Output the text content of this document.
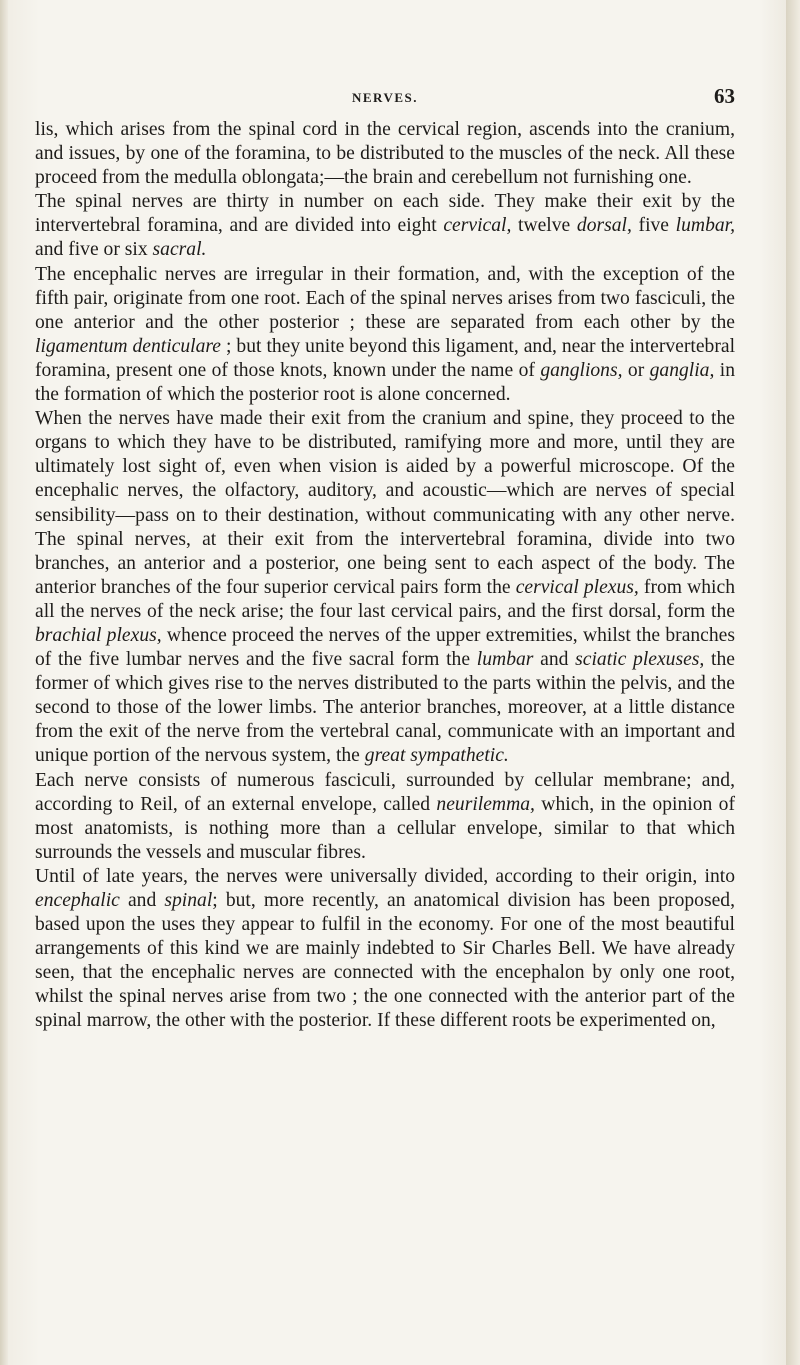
NERVES.	63

lis, which arises from the spinal cord in the cervical region, ascends into the cranium, and issues, by one of the foramina, to be distributed to the muscles of the neck. All these proceed from the medulla oblongata;—the brain and cerebellum not furnishing one.

The spinal nerves are thirty in number on each side. They make their exit by the intervertebral foramina, and are divided into eight cervical, twelve dorsal, five lumbar, and five or six sacral.

The encephalic nerves are irregular in their formation, and, with the exception of the fifth pair, originate from one root. Each of the spinal nerves arises from two fasciculi, the one anterior and the other posterior ; these are separated from each other by the ligamentum denticulare ; but they unite beyond this ligament, and, near the intervertebral foramina, present one of those knots, known under the name of ganglions, or ganglia, in the formation of which the posterior root is alone concerned.

When the nerves have made their exit from the cranium and spine, they proceed to the organs to which they have to be distributed, ramifying more and more, until they are ultimately lost sight of, even when vision is aided by a powerful microscope. Of the encephalic nerves, the olfactory, auditory, and acoustic—which are nerves of special sensibility—pass on to their destination, without communicating with any other nerve. The spinal nerves, at their exit from the intervertebral foramina, divide into two branches, an anterior and a posterior, one being sent to each aspect of the body. The anterior branches of the four superior cervical pairs form the cervical plexus, from which all the nerves of the neck arise; the four last cervical pairs, and the first dorsal, form the brachial plexus, whence proceed the nerves of the upper extremities, whilst the branches of the five lumbar nerves and the five sacral form the lumbar and sciatic plexuses, the former of which gives rise to the nerves distributed to the parts within the pelvis, and the second to those of the lower limbs. The anterior branches, moreover, at a little distance from the exit of the nerve from the vertebral canal, communicate with an important and unique portion of the nervous system, the great sympathetic.

Each nerve consists of numerous fasciculi, surrounded by cellular membrane; and, according to Reil, of an external envelope, called neurilemma, which, in the opinion of most anatomists, is nothing more than a cellular envelope, similar to that which surrounds the vessels and muscular fibres.

Until of late years, the nerves were universally divided, according to their origin, into encephalic and spinal; but, more recently, an anatomical division has been proposed, based upon the uses they appear to fulfil in the economy. For one of the most beautiful arrangements of this kind we are mainly indebted to Sir Charles Bell. We have already seen, that the encephalic nerves are connected with the encephalon by only one root, whilst the spinal nerves arise from two ; the one connected with the anterior part of the spinal marrow, the other with the posterior. If these different roots be experimented on,
